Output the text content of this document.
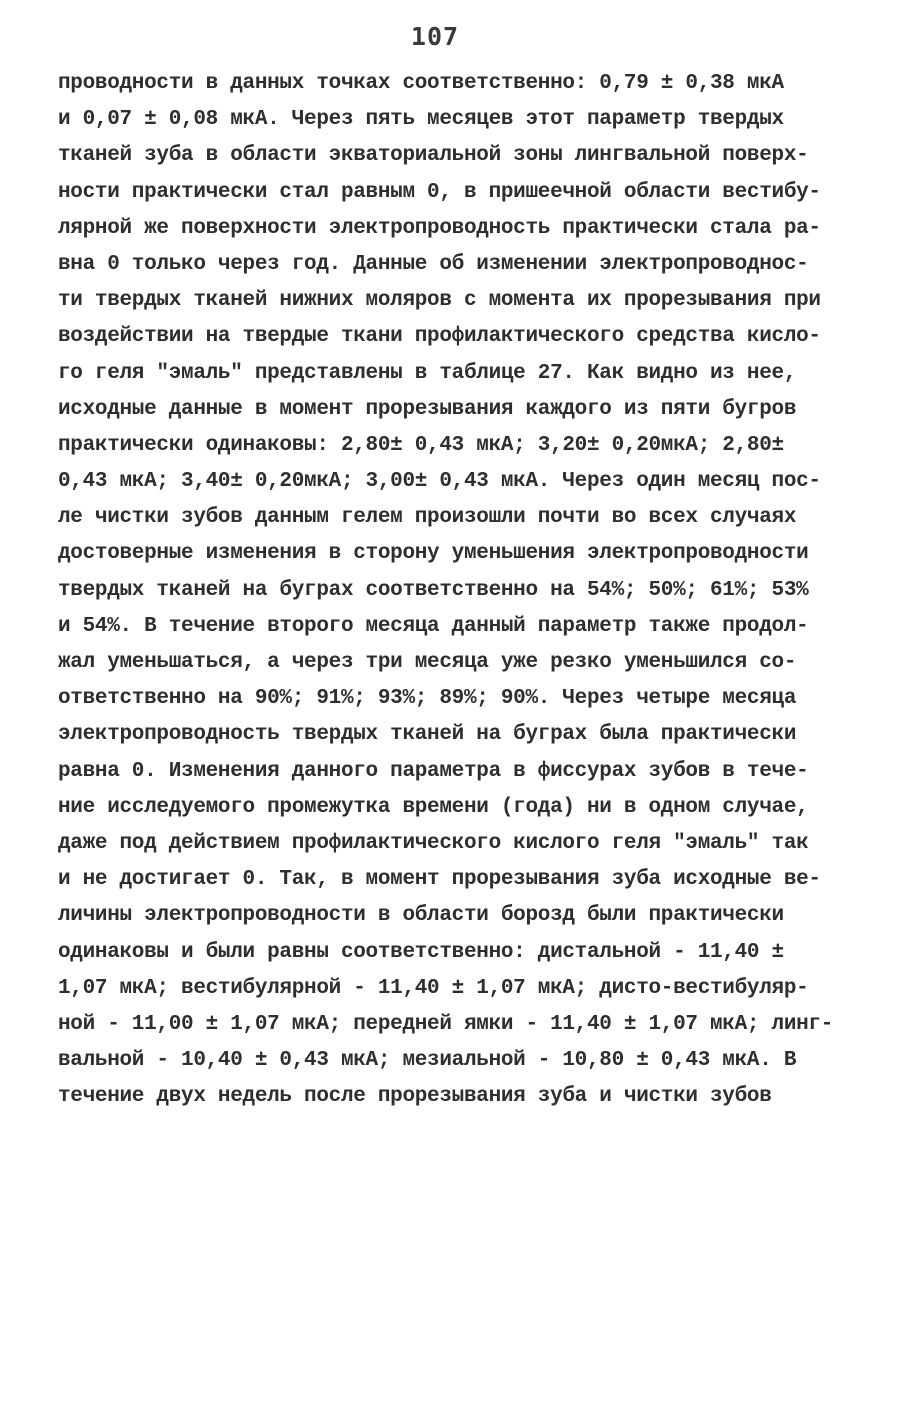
107
проводности в данных точках соответственно: 0,79 ± 0,38 мкА
и 0,07 ± 0,08 мкА. Через пять месяцев этот параметр твердых
тканей зуба в области экваториальной зоны лингвальной поверх-
ности практически стал равным 0, в пришеечной области вестибу-
лярной же поверхности электропроводность практически стала ра-
вна 0 только через год. Данные об изменении электропроводнос-
ти твердых тканей нижних моляров с момента их прорезывания при
воздействии на твердые ткани профилактического средства кисло-
го геля "эмаль" представлены в таблице 27. Как видно из нее,
исходные данные в момент прорезывания каждого из пяти бугров
практически одинаковы: 2,80± 0,43 мкА; 3,20± 0,20мкА; 2,80±
0,43 мкА; 3,40± 0,20мкА; 3,00± 0,43 мкА. Через один месяц пос-
ле чистки зубов данным гелем произошли почти во всех случаях
достоверные изменения в сторону уменьшения электропроводности
твердых тканей на буграх соответственно на 54%; 50%; 61%; 53%
и 54%. В течение второго месяца данный параметр также продол-
жал уменьшаться, а через три месяца уже резко уменьшился со-
ответственно на 90%; 91%; 93%; 89%; 90%. Через четыре месяца
электропроводность твердых тканей на буграх была практически
равна 0. Изменения данного параметра в фиссурах зубов в тече-
ние исследуемого промежутка времени (года) ни в одном случае,
даже под действием профилактического кислого геля "эмаль" так
и не достигает 0. Так, в момент прорезывания зуба исходные ве-
личины электропроводности в области борозд были практически
одинаковы и были равны соответственно: дистальной - 11,40 ±
1,07 мкА; вестибулярной - 11,40 ± 1,07 мкА; дисто-вестибуляр-
ной - 11,00 ± 1,07 мкА; передней ямки - 11,40 ± 1,07 мкА; линг-
вальной - 10,40 ± 0,43 мкА; мезиальной - 10,80 ± 0,43 мкА. В
течение двух недель после прорезывания зуба и чистки зубов
